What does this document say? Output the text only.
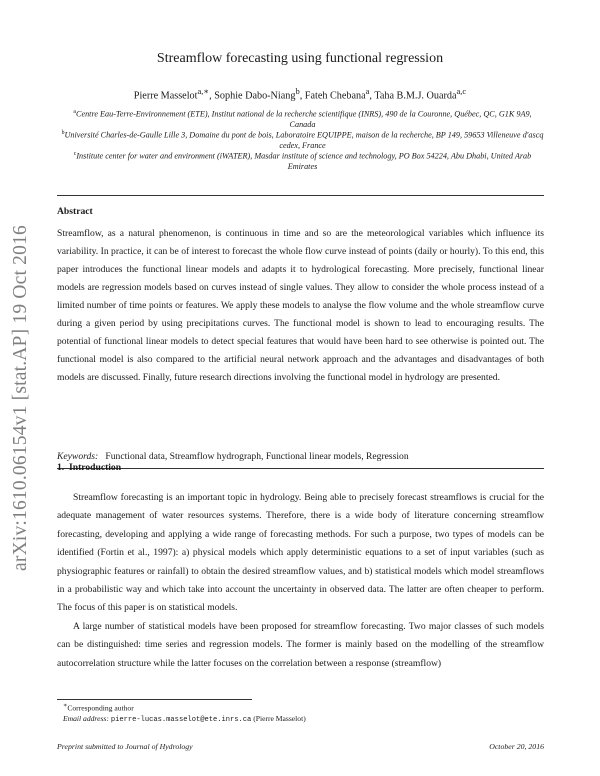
arXiv:1610.06154v1 [stat.AP] 19 Oct 2016
Streamflow forecasting using functional regression
Pierre Masselot$^{a,∗}$, Sophie Dabo-Niang$^b$, Fateh Chebana$^a$, Taha B.M.J. Ouarda$^{a,c}$
$^a$Centre Eau-Terre-Environnement (ETE), Institut national de la recherche scientifique (INRS), 490 de la Couronne, Québec, QC, G1K 9A9, Canada
$^b$Université Charles-de-Gaulle Lille 3, Domaine du pont de bois, Laboratoire EQUIPPE, maison de la recherche, BP 149, 59653 Villeneuve d'ascq cedex, France
$^c$Institute center for water and environment (iWATER), Masdar institute of science and technology, PO Box 54224, Abu Dhabi, United Arab Emirates
Abstract
Streamflow, as a natural phenomenon, is continuous in time and so are the meteorological variables which influence its variability. In practice, it can be of interest to forecast the whole flow curve instead of points (daily or hourly). To this end, this paper introduces the functional linear models and adapts it to hydrological forecasting. More precisely, functional linear models are regression models based on curves instead of single values. They allow to consider the whole process instead of a limited number of time points or features. We apply these models to analyse the flow volume and the whole streamflow curve during a given period by using precipitations curves. The functional model is shown to lead to encouraging results. The potential of functional linear models to detect special features that would have been hard to see otherwise is pointed out. The functional model is also compared to the artificial neural network approach and the advantages and disadvantages of both models are discussed. Finally, future research directions involving the functional model in hydrology are presented.
Keywords: Functional data, Streamflow hydrograph, Functional linear models, Regression
1. Introduction

Streamflow forecasting is an important topic in hydrology. Being able to precisely forecast streamflows is crucial for the adequate management of water resources systems. Therefore, there is a wide body of literature concerning streamflow forecasting, developing and applying a wide range of forecasting methods. For such a purpose, two types of models can be identified (Fortin et al., 1997): a) physical models which apply deterministic equations to a set of input variables (such as physiographic features or rainfall) to obtain the desired streamflow values, and b) statistical models which model streamflows in a probabilistic way and which take into account the uncertainty in observed data. The latter are often cheaper to perform. The focus of this paper is on statistical models.

A large number of statistical models have been proposed for streamflow forecasting. Two major classes of such models can be distinguished: time series and regression models. The former is mainly based on the modelling of the streamflow autocorrelation structure while the latter focuses on the correlation between a response (streamflow)

∗Corresponding author
Email address: pierre-lucas.masselot@ete.inrs.ca (Pierre Masselot)
Preprint submitted to Journal of Hydrology	October 20, 2016
